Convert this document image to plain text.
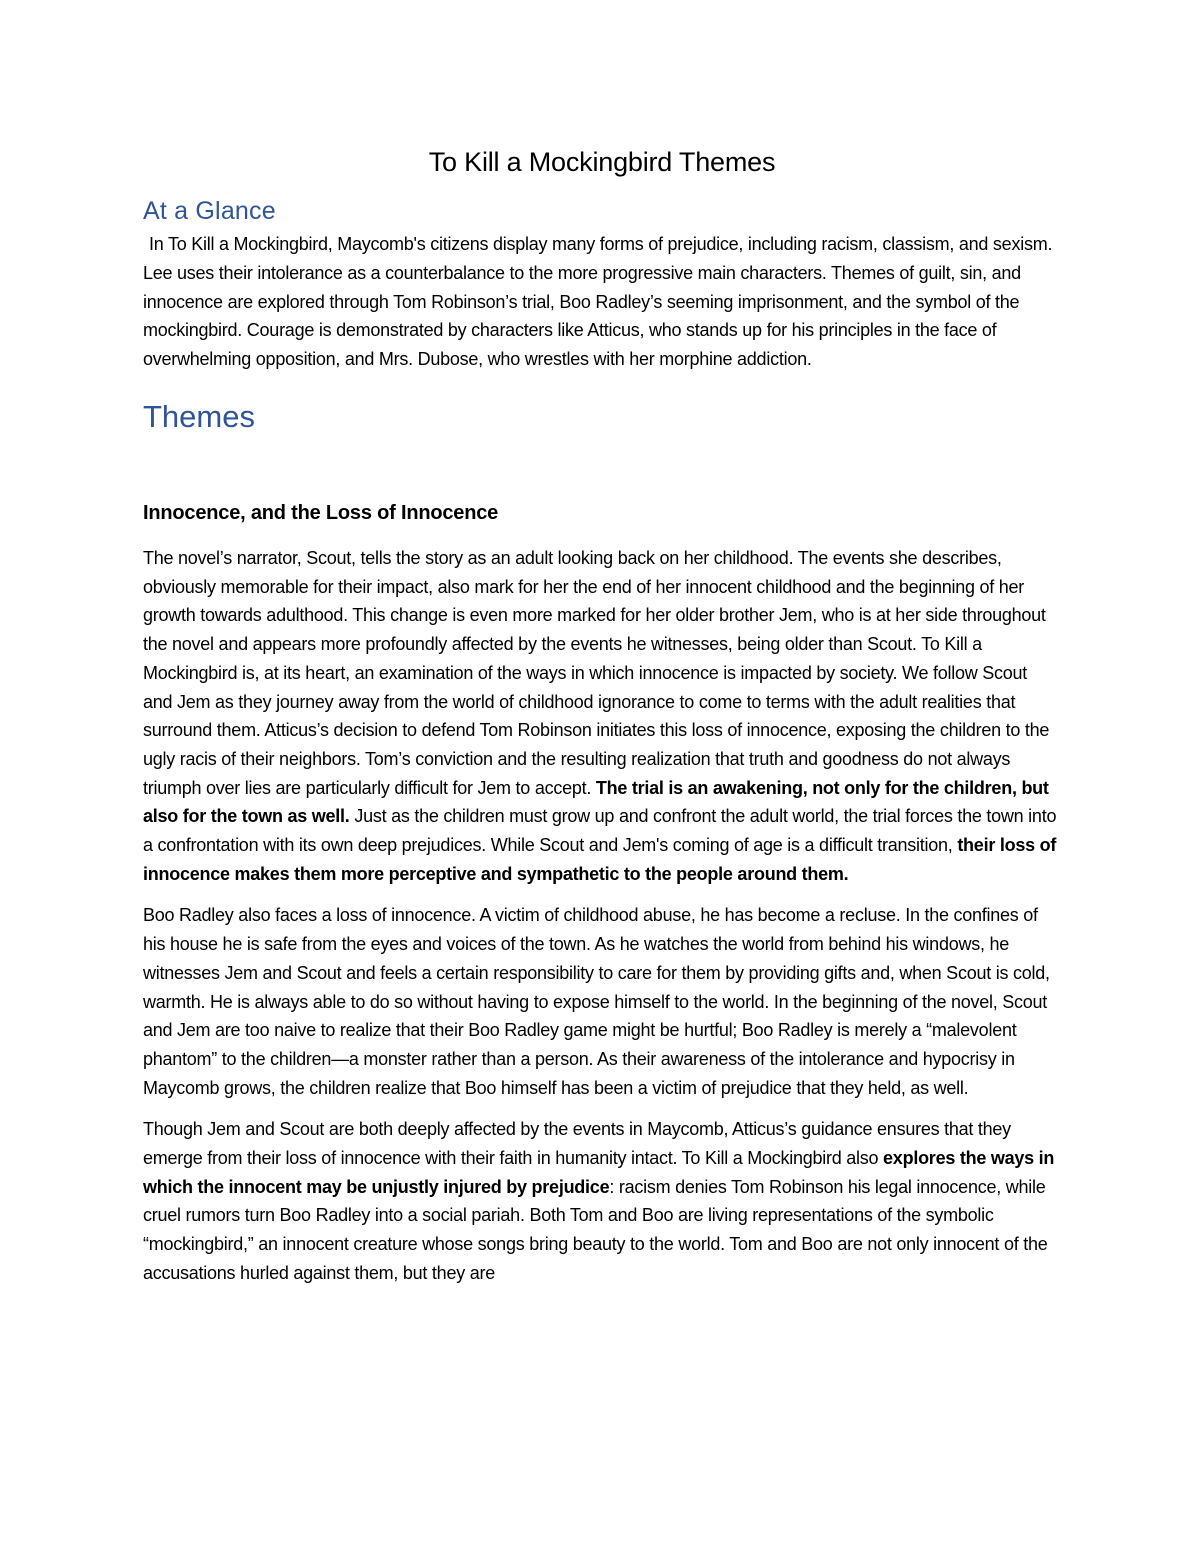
To Kill a Mockingbird Themes
At a Glance

In To Kill a Mockingbird, Maycomb's citizens display many forms of prejudice, including racism, classism, and sexism. Lee uses their intolerance as a counterbalance to the more progressive main characters. Themes of guilt, sin, and innocence are explored through Tom Robinson’s trial, Boo Radley’s seeming imprisonment, and the symbol of the mockingbird. Courage is demonstrated by characters like Atticus, who stands up for his principles in the face of overwhelming opposition, and Mrs. Dubose, who wrestles with her morphine addiction.

Themes
Innocence, and the Loss of Innocence

The novel’s narrator, Scout, tells the story as an adult looking back on her childhood. The events she describes, obviously memorable for their impact, also mark for her the end of her innocent childhood and the beginning of her growth towards adulthood. This change is even more marked for her older brother Jem, who is at her side throughout the novel and appears more profoundly affected by the events he witnesses, being older than Scout. To Kill a Mockingbird is, at its heart, an examination of the ways in which innocence is impacted by society. We follow Scout and Jem as they journey away from the world of childhood ignorance to come to terms with the adult realities that surround them. Atticus’s decision to defend Tom Robinson initiates this loss of innocence, exposing the children to the ugly racis of their neighbors. Tom’s conviction and the resulting realization that truth and goodness do not always triumph over lies are particularly difficult for Jem to accept. The trial is an awakening, not only for the children, but also for the town as well. Just as the children must grow up and confront the adult world, the trial forces the town into a confrontation with its own deep prejudices. While Scout and Jem's coming of age is a difficult transition, their loss of innocence makes them more perceptive and sympathetic to the people around them.

Boo Radley also faces a loss of innocence. A victim of childhood abuse, he has become a recluse. In the confines of his house he is safe from the eyes and voices of the town. As he watches the world from behind his windows, he witnesses Jem and Scout and feels a certain responsibility to care for them by providing gifts and, when Scout is cold, warmth. He is always able to do so without having to expose himself to the world. In the beginning of the novel, Scout and Jem are too naive to realize that their Boo Radley game might be hurtful; Boo Radley is merely a “malevolent phantom” to the children—a monster rather than a person. As their awareness of the intolerance and hypocrisy in Maycomb grows, the children realize that Boo himself has been a victim of prejudice that they held, as well.

Though Jem and Scout are both deeply affected by the events in Maycomb, Atticus’s guidance ensures that they emerge from their loss of innocence with their faith in humanity intact. To Kill a Mockingbird also explores the ways in which the innocent may be unjustly injured by prejudice: racism denies Tom Robinson his legal innocence, while cruel rumors turn Boo Radley into a social pariah. Both Tom and Boo are living representations of the symbolic “mockingbird,” an innocent creature whose songs bring beauty to the world. Tom and Boo are not only innocent of the accusations hurled against them, but they are
